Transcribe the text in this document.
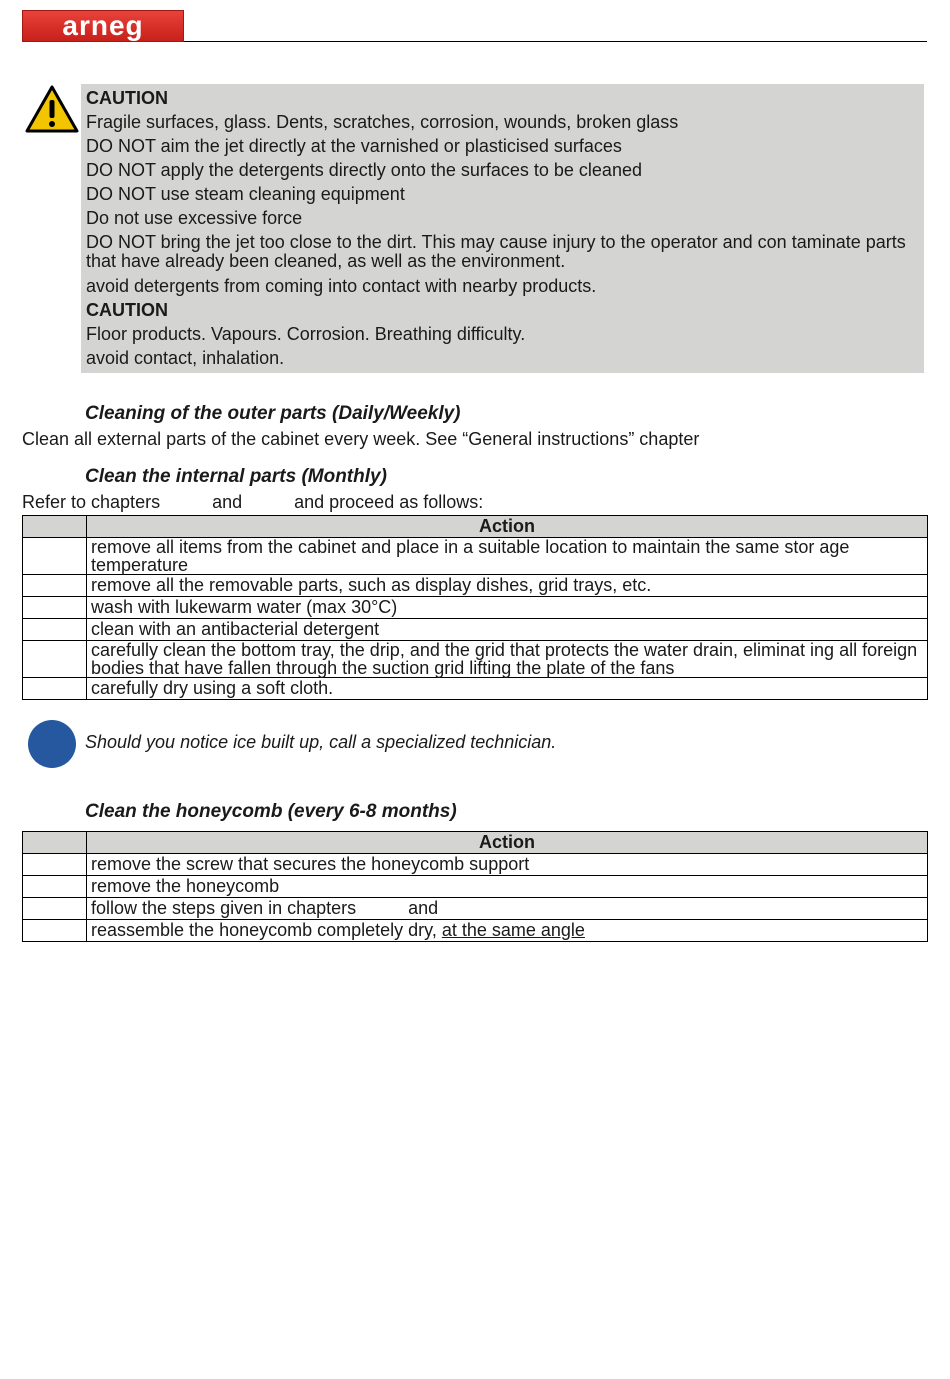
arneg
CAUTION
Fragile surfaces, glass. Dents, scratches, corrosion, wounds, broken glass
DO NOT aim the jet directly at the varnished or plasticised surfaces
DO NOT apply the detergents directly onto the surfaces to be cleaned
DO NOT use steam cleaning equipment
Do not use excessive force
DO NOT bring the jet too close to the dirt. This may cause injury to the operator and con taminate parts that have already been cleaned, as well as the environment.
avoid detergents from coming into contact with nearby products.
CAUTION
Floor products. Vapours. Corrosion. Breathing difficulty.
avoid contact, inhalation.
Cleaning of the outer parts (Daily/Weekly)
Clean all external parts of the cabinet every week. See “General instructions” chapter
Clean the internal parts (Monthly)
Refer to chapters	and	and proceed as follows:
	Action
	remove all items from the cabinet and place in a suitable location to maintain the same stor age temperature
	remove all the removable parts, such as display dishes, grid trays, etc.
	wash with lukewarm water (max 30°C)
	clean with an antibacterial detergent
	carefully clean the bottom tray, the drip, and the grid that protects the water drain, eliminat ing all foreign bodies that have fallen through the suction grid lifting the plate of the fans
	carefully dry using a soft cloth.
Should you notice ice built up, call a specialized technician.
Clean the honeycomb (every 6-8 months)
	Action
	remove the screw that secures the honeycomb support
	remove the honeycomb
	follow the steps given in chapters and
	reassemble the honeycomb completely dry, at the same angle
